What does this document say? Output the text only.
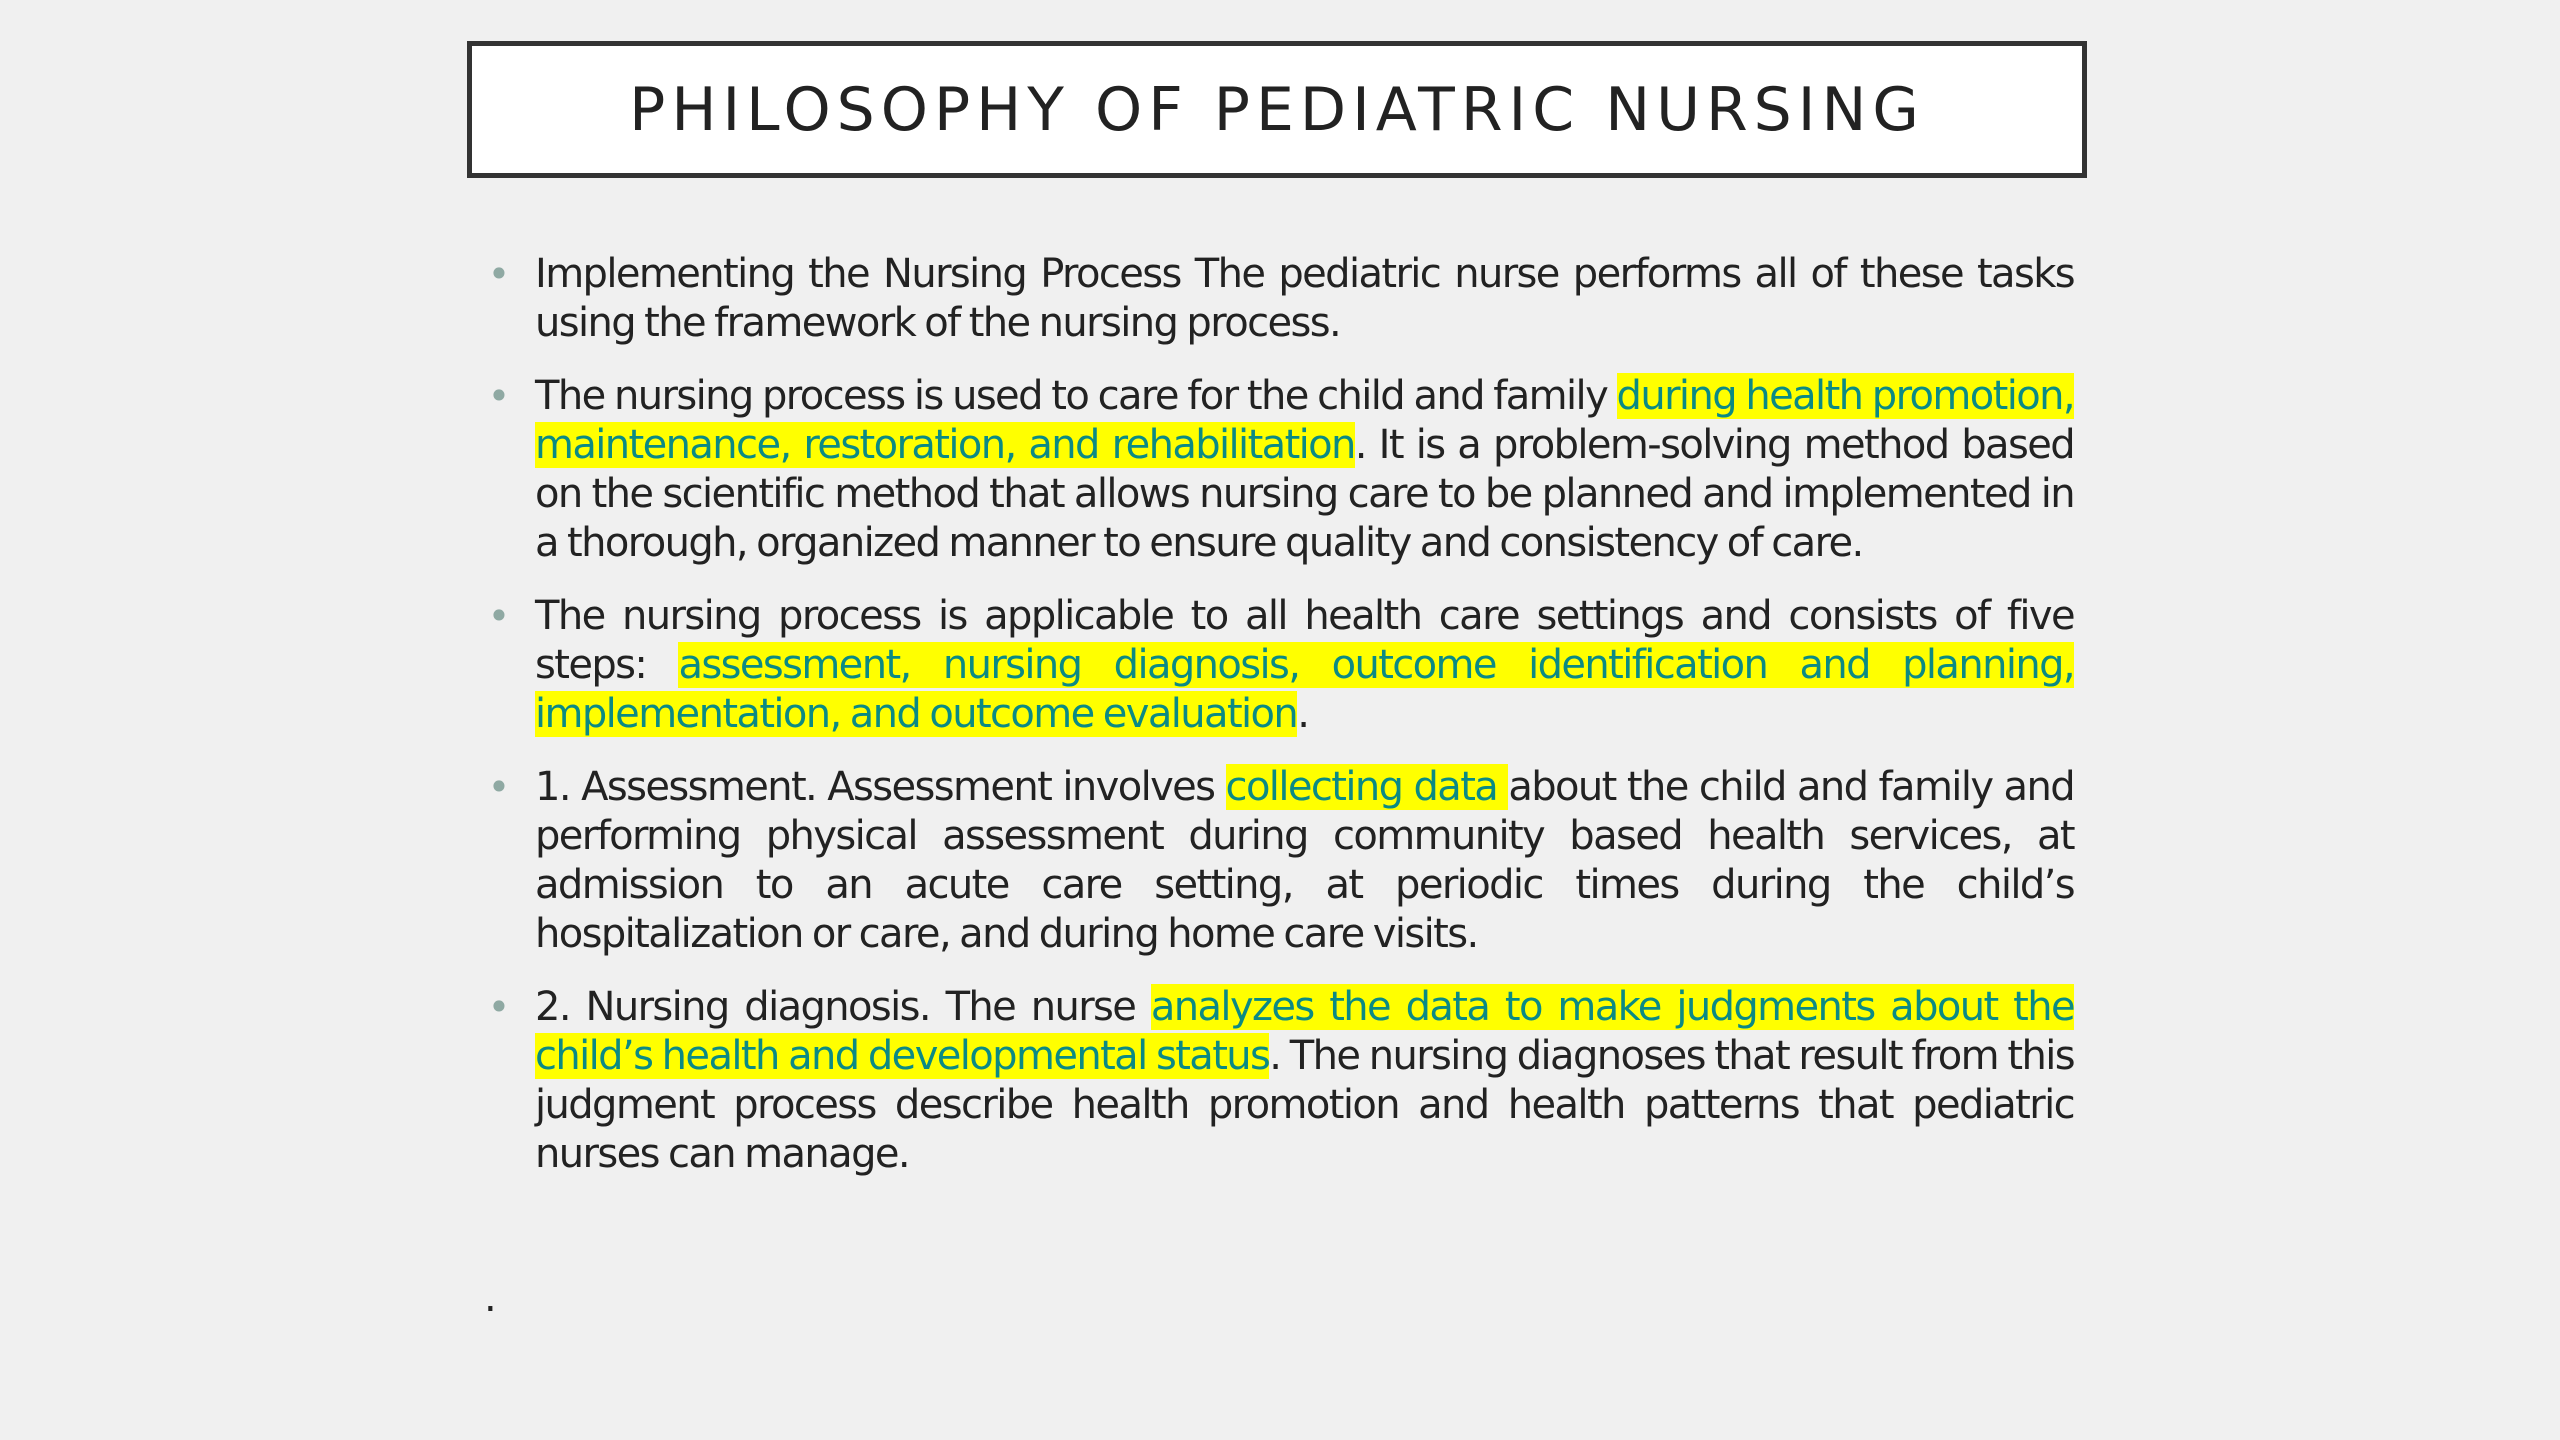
PHILOSOPHY OF PEDIATRIC NURSING
• Implementing the Nursing Process The pediatric nurse performs all of these tasks using the framework of the nursing process.

• The nursing process is used to care for the child and family during health promotion, maintenance, restoration, and rehabilitation. It is a problem-solving method based on the scientific method that allows nursing care to be planned and implemented in a thorough, organized manner to ensure quality and consistency of care.

• The nursing process is applicable to all health care settings and consists of five steps: assessment, nursing diagnosis, outcome identification and planning, implementation, and outcome evaluation.

• 1. Assessment. Assessment involves collecting data about the child and family and performing physical assessment during community based health services, at admission to an acute care setting, at periodic times during the child’s hospitalization or care, and during home care visits.

• 2. Nursing diagnosis. The nurse analyzes the data to make judgments about the child’s health and developmental status. The nursing diagnoses that result from this judgment process describe health promotion and health patterns that pediatric nurses can manage.

.
